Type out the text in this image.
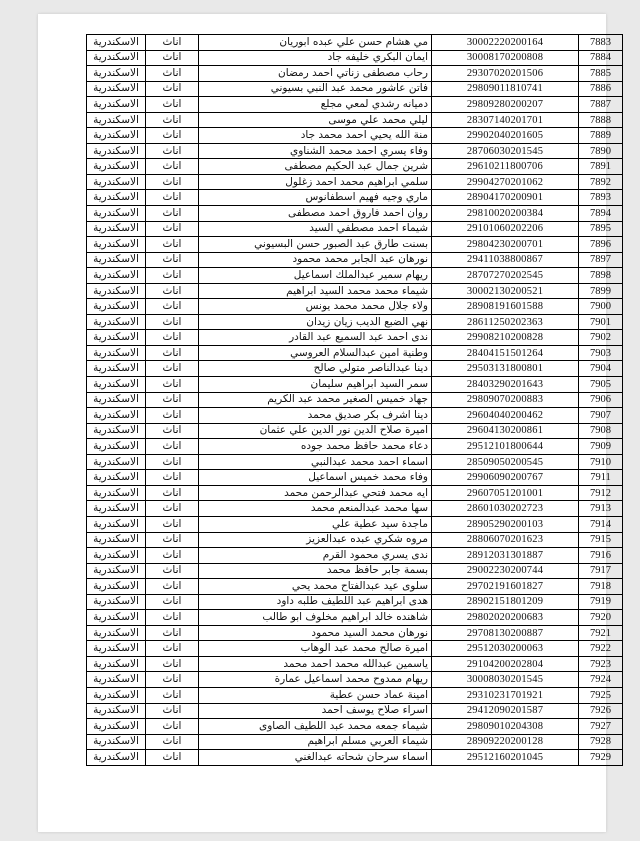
7883	30002220200164	مي هشام حسن علي عبده ابوريان	اناث	الاسكندرية
7884	30008170200808	ايمان البكري خليفه جاد	اناث	الاسكندرية
7885	29307020201506	رحاب مصطفى زناتي احمد رمضان	اناث	الاسكندرية
7886	29809011810741	فاتن عاشور محمد عبد النبي بسيوني	اناث	الاسكندرية
7887	29809280200207	دميانه رشدي لمعي مجلع	اناث	الاسكندرية
7888	28307140201701	ليلي محمد علي موسى	اناث	الاسكندرية
7889	29902040201605	منة الله يحيي احمد محمد جاد	اناث	الاسكندرية
7890	28706030201545	وفاء يسري احمد محمد الشناوي	اناث	الاسكندرية
7891	29610211800706	شرين جمال عبد الحكيم مصطفى	اناث	الاسكندرية
7892	29904270201062	سلمي ابراهيم محمد احمد زغلول	اناث	الاسكندرية
7893	28904170200901	ماري وجيه فهيم اسطفانوس	اناث	الاسكندرية
7894	29810020200384	روان احمد فاروق احمد مصطفى	اناث	الاسكندرية
7895	29101060202206	شيماء احمد مصطفي السيد	اناث	الاسكندرية
7896	29804230200701	بسنت طارق عبد الصبور حسن البسيوني	اناث	الاسكندرية
7897	29411038800867	نورهان عبد الجابر محمد محمود	اناث	الاسكندرية
7898	28707270202545	ريهام سمير عبدالملك اسماعيل	اناث	الاسكندرية
7899	30002130200521	شيماء محمد محمد السيد ابراهيم	اناث	الاسكندرية
7900	28908191601588	ولاء جلال محمد محمد يونس	اناث	الاسكندرية
7901	28611250202363	نهي الضبع الديب زيان زيدان	اناث	الاسكندرية
7902	29908210200828	ندى احمد عبد السميع عبد القادر	اناث	الاسكندرية
7903	28404151501264	وطنية امين عبدالسلام العروسي	اناث	الاسكندرية
7904	29503131800801	دينا عبدالناصر متولي صالح	اناث	الاسكندرية
7905	28403290201643	سمر السيد ابراهيم سليمان	اناث	الاسكندرية
7906	29809070200883	جهاد خميس الصغير محمد عبد الكريم	اناث	الاسكندرية
7907	29604040200462	دينا اشرف بكر صديق محمد	اناث	الاسكندرية
7908	29604130200861	اميرة صلاح الدين نور الدين علي عثمان	اناث	الاسكندرية
7909	29512101800644	دعاء محمد حافظ محمد جوده	اناث	الاسكندرية
7910	28509050200545	اسماء احمد محمد عبدالنبي	اناث	الاسكندرية
7911	29906090200767	وفاء محمد خميس اسماعيل	اناث	الاسكندرية
7912	29607051201001	ايه محمد فتحي عبدالرحمن محمد	اناث	الاسكندرية
7913	28601030202723	سها محمد عبدالمنعم محمد	اناث	الاسكندرية
7914	28905290200103	ماجدة سيد عطية علي	اناث	الاسكندرية
7915	28806070201623	مروه شكري عبده عبدالعزيز	اناث	الاسكندرية
7916	28912031301887	ندى يسري محمود القرم	اناث	الاسكندرية
7917	29002230200744	بسمة جابر حافظ محمد	اناث	الاسكندرية
7918	29702191601827	سلوى عيد عبدالفتاح محمد يحي	اناث	الاسكندرية
7919	28902151801209	هدى ابراهيم عبد اللطيف طلبه داود	اناث	الاسكندرية
7920	29802020200683	شاهنده خالد ابراهيم مخلوف ابو طالب	اناث	الاسكندرية
7921	29708130200887	نورهان محمد السيد محمود	اناث	الاسكندرية
7922	29512030200063	اميرة صالح محمد عبد الوهاب	اناث	الاسكندرية
7923	29104200202804	ياسمين عبدالله محمد احمد محمد	اناث	الاسكندرية
7924	30008030201545	ريهام ممدوح محمد اسماعيل عمارة	اناث	الاسكندرية
7925	29310231701921	امينة عماد حسن عطية	اناث	الاسكندرية
7926	29412090201587	اسراء صلاح يوسف احمد	اناث	الاسكندرية
7927	29809010204308	شيماء جمعه محمد عبد اللطيف الصاوى	اناث	الاسكندرية
7928	28909220200128	شيماء العربي مسلم ابراهيم	اناث	الاسكندرية
7929	29512160201045	اسماء سرحان شحاته عبدالغني	اناث	الاسكندرية
